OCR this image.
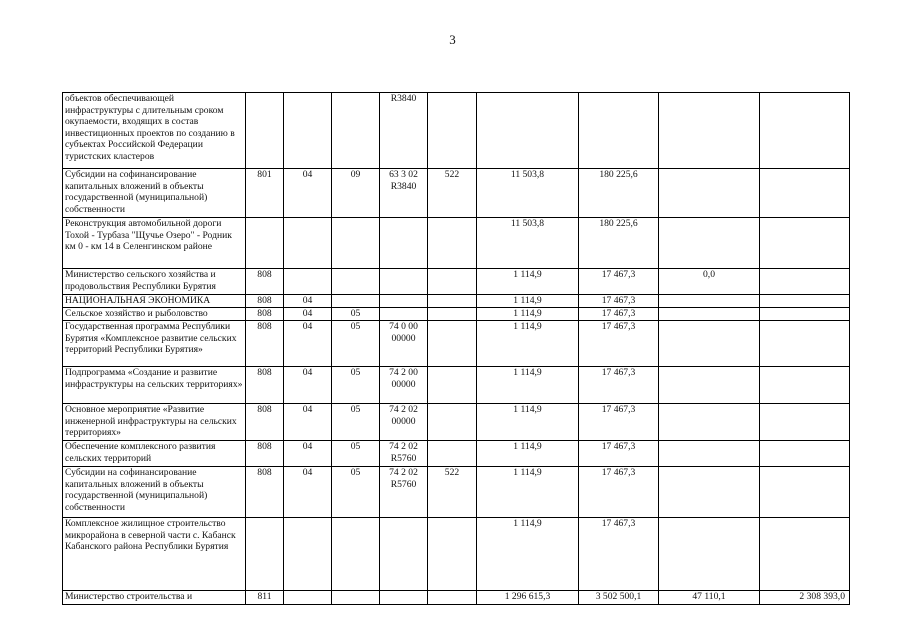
3
объектов обеспечивающей инфраструктуры с длительным сроком окупаемости, входящих в состав инвестиционных проектов по созданию в субъектах Российской Федерации туристских кластеров				R3840					
Субсидии на софинансирование капитальных вложений в объекты государственной (муниципальной) собственности	801	04	09	63 3 02 R3840	522	11 503,8	180 225,6		
Реконструкция автомобильной дороги Тохой - Турбаза "Щучье Озеро" - Родник км 0 - км 14 в Селенгинском районе						11 503,8	180 225,6		
Министерство сельского хозяйства и продовольствия Республики Бурятия	808					1 114,9	17 467,3	0,0	
НАЦИОНАЛЬНАЯ ЭКОНОМИКА	808	04				1 114,9	17 467,3		
Сельское хозяйство и рыболовство	808	04	05			1 114,9	17 467,3		
Государственная программа Республики Бурятия «Комплексное развитие сельских территорий Республики Бурятия»	808	04	05	74 0 00 00000		1 114,9	17 467,3		
Подпрограмма «Создание и развитие инфраструктуры на сельских территориях»	808	04	05	74 2 00 00000		1 114,9	17 467,3		
Основное мероприятие «Развитие инженерной инфраструктуры на сельских территориях»	808	04	05	74 2 02 00000		1 114,9	17 467,3		
Обеспечение комплексного развития сельских территорий	808	04	05	74 2 02 R5760		1 114,9	17 467,3		
Субсидии на софинансирование капитальных вложений в объекты государственной (муниципальной) собственности	808	04	05	74 2 02 R5760	522	1 114,9	17 467,3		
Комплексное жилищное строительство микрорайона в северной части с. Кабанск Кабанского района Республики Бурятия						1 114,9	17 467,3		
Министерство строительства и	811					1 296 615,3	3 502 500,1	47 110,1	2 308 393,0
